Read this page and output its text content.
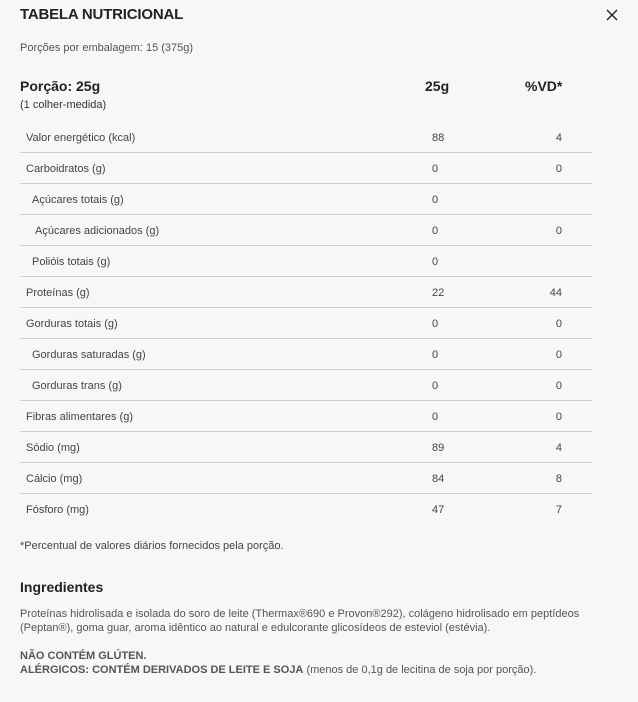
TABELA NUTRICIONAL
Porções por embalagem: 15 (375g)
Porção: 25g
(1 colher-medida)
25g	%VD*
Valor energético (kcal)	88	4
Carboidratos (g)	0	0
Açúcares totais (g)	0
Açúcares adicionados (g)	0	0
Polióis totais (g)	0
Proteínas (g)	22	44
Gorduras totais (g)	0	0
Gorduras saturadas (g)	0	0
Gorduras trans (g)	0	0
Fibras alimentares (g)	0	0
Sódio (mg)	89	4
Cálcio (mg)	84	8
Fósforo (mg)	47	7
*Percentual de valores diários fornecidos pela porção.
Ingredientes
Proteínas hidrolisada e isolada do soro de leite (Thermax®690 e Provon®292), colágeno hidrolisado em peptídeos (Peptan®), goma guar, aroma idêntico ao natural e edulcorante glicosídeos de esteviol (estévia).
NÃO CONTÉM GLÚTEN.
ALÉRGICOS: CONTÉM DERIVADOS DE LEITE E SOJA (menos de 0,1g de lecitina de soja por porção).
